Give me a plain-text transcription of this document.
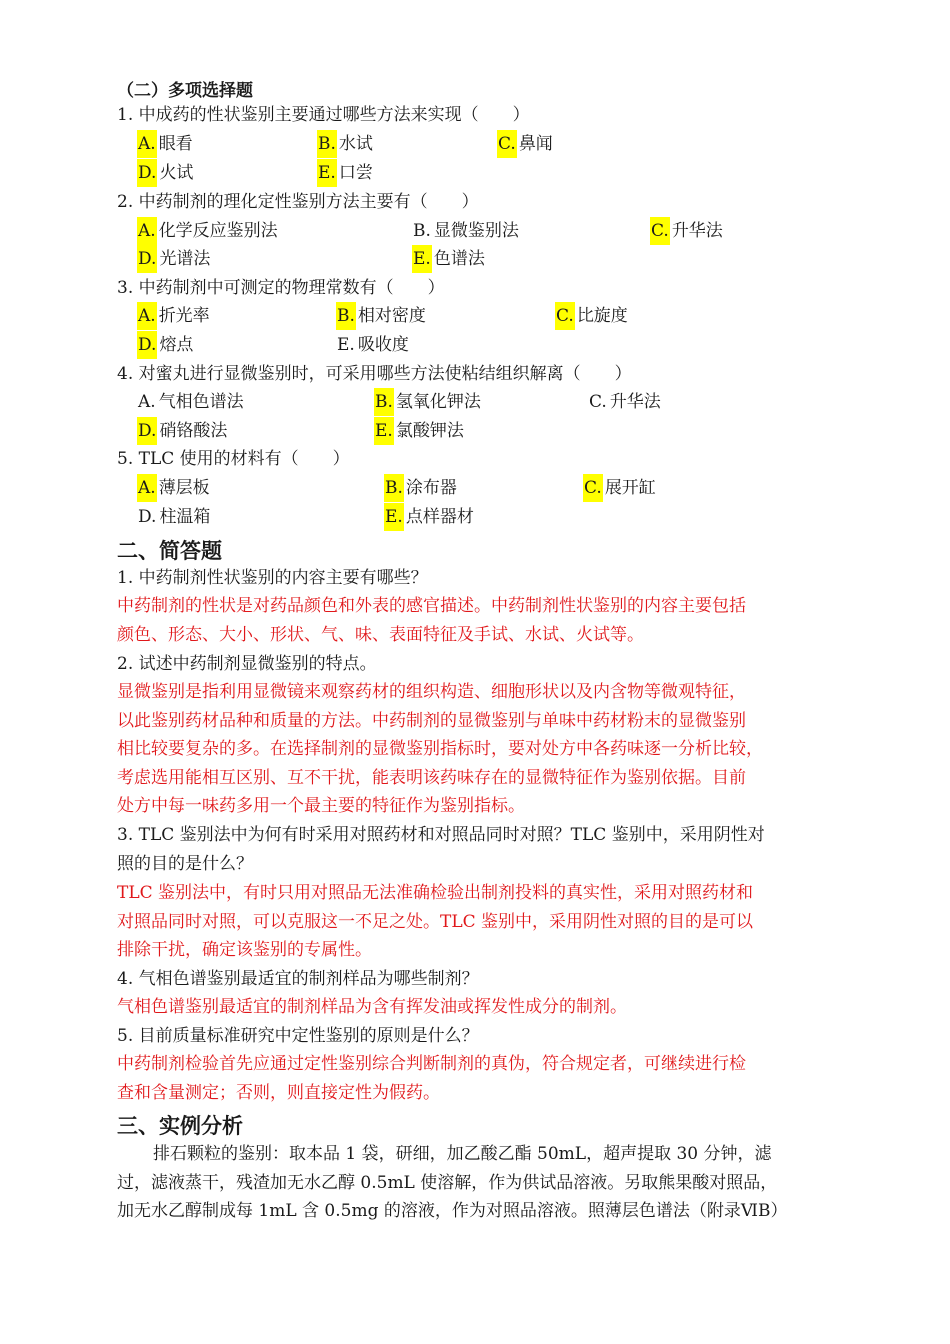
（二）多项选择题
1. 中成药的性状鉴别主要通过哪些方法来实现（　　）
A. 眼看	B. 水试	C. 鼻闻
D. 火试	E. 口尝
2. 中药制剂的理化定性鉴别方法主要有（　　）
A. 化学反应鉴别法	B. 显微鉴别法	C. 升华法
D. 光谱法	E. 色谱法
3. 中药制剂中可测定的物理常数有（　　）
A. 折光率	B. 相对密度	C. 比旋度
D. 熔点	E. 吸收度
4. 对蜜丸进行显微鉴别时，可采用哪些方法使粘结组织解离（　　）
A. 气相色谱法	B. 氢氧化钾法	C. 升华法
D. 硝铬酸法	E. 氯酸钾法
5. TLC 使用的材料有（　　）
A. 薄层板	B. 涂布器	C. 展开缸
D. 柱温箱	E. 点样器材
二、简答题
1. 中药制剂性状鉴别的内容主要有哪些？
中药制剂的性状是对药品颜色和外表的感官描述。中药制剂性状鉴别的内容主要包括
颜色、形态、大小、形状、气、味、表面特征及手试、水试、火试等。
2. 试述中药制剂显微鉴别的特点。
显微鉴别是指利用显微镜来观察药材的组织构造、细胞形状以及内含物等微观特征，
以此鉴别药材品种和质量的方法。中药制剂的显微鉴别与单味中药材粉末的显微鉴别
相比较要复杂的多。在选择制剂的显微鉴别指标时，要对处方中各药味逐一分析比较，
考虑选用能相互区别、互不干扰，能表明该药味存在的显微特征作为鉴别依据。目前
处方中每一味药多用一个最主要的特征作为鉴别指标。
3. TLC 鉴别法中为何有时采用对照药材和对照品同时对照？TLC 鉴别中，采用阴性对
照的目的是什么？
TLC 鉴别法中，有时只用对照品无法准确检验出制剂投料的真实性，采用对照药材和
对照品同时对照，可以克服这一不足之处。TLC 鉴别中，采用阴性对照的目的是可以
排除干扰，确定该鉴别的专属性。
4. 气相色谱鉴别最适宜的制剂样品为哪些制剂？
气相色谱鉴别最适宜的制剂样品为含有挥发油或挥发性成分的制剂。
5. 目前质量标准研究中定性鉴别的原则是什么？
中药制剂检验首先应通过定性鉴别综合判断制剂的真伪，符合规定者，可继续进行检
查和含量测定；否则，则直接定性为假药。
三、实例分析
排石颗粒的鉴别：取本品 1 袋，研细，加乙酸乙酯 50mL，超声提取 30 分钟，滤
过，滤液蒸干，残渣加无水乙醇 0.5mL 使溶解，作为供试品溶液。另取熊果酸对照品，
加无水乙醇制成每 1mL 含 0.5mg 的溶液，作为对照品溶液。照薄层色谱法（附录ⅥB）
